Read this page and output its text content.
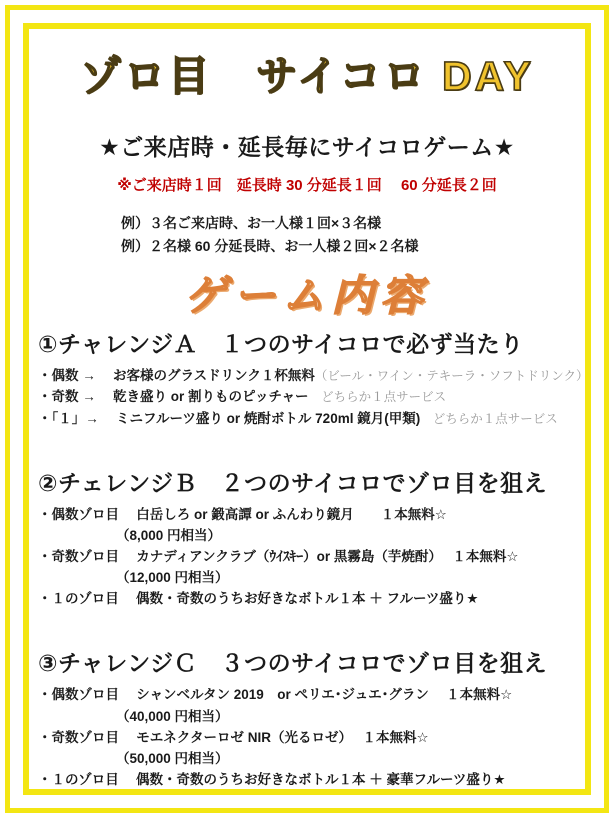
ゾロ目　サイコロ DAY
★ご来店時・延長毎にサイコロゲーム★
※ご来店時１回　延長時 30 分延長１回　 60 分延長２回
例）３名ご来店時、お一人様１回×３名様
例）２名様 60 分延長時、お一人様２回×２名様
ゲーム内容
①チャレンジＡ　１つのサイコロで必ず当たり
・偶数 →　 お客様のグラスドリンク１杯無料（ビール・ワイン・テキーラ・ソフトドリンク）
・奇数 →　 乾き盛り or 割りものピッチャー　どちらか１点サービス
・「１」→　 ミニフルーツ盛り or 焼酎ボトル 720ml 鏡月(甲類)　どちらか１点サービス
②チェレンジＢ　２つのサイコロでゾロ目を狙え
・偶数ゾロ目　 白岳しろ or 鍛高譚 or ふんわり鏡月　　１本無料☆
（8,000 円相当）
・奇数ゾロ目　 カナディアンクラブ（ｳｲｽｷｰ）or 黒霧島（芋焼酎）　 １本無料☆
（12,000 円相当）
・１のゾロ目　 偶数・奇数のうちお好きなボトル１本 ＋ フルーツ盛り★
③チャレンジＣ　３つのサイコロでゾロ目を狙え
・偶数ゾロ目　 シャンベルタン 2019　or ペリエ･ジュエ･グラン　 １本無料☆
（40,000 円相当）
・奇数ゾロ目　 モエネクターロゼ NIR（光るロゼ）　 １本無料☆
（50,000 円相当）
・１のゾロ目　 偶数・奇数のうちお好きなボトル１本 ＋ 豪華フルーツ盛り★
